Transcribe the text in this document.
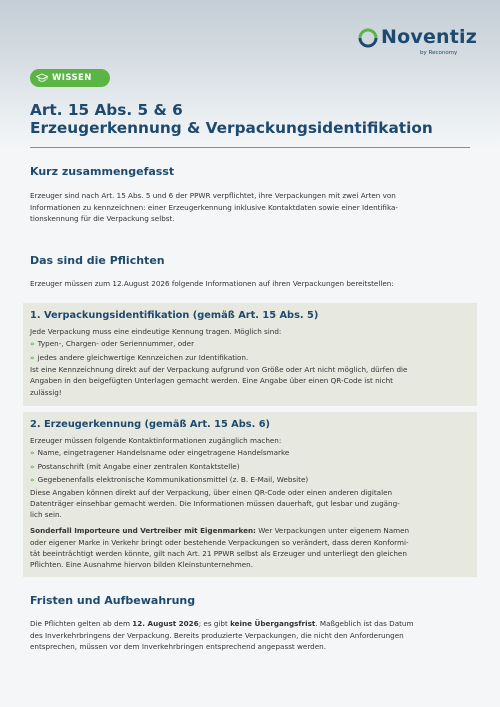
Noventiz
by Reconomy
WISSEN
Art. 15 Abs. 5 & 6
Erzeugerkennung & Verpackungsidentifikation
Kurz zusammengefasst

Erzeuger sind nach Art. 15 Abs. 5 und 6 der PPWR verpflichtet, ihre Verpackungen mit zwei Arten von
Informationen zu kennzeichnen: einer Erzeugerkennung inklusive Kontaktdaten sowie einer Identifika-
tionskennung für die Verpackung selbst.

Das sind die Pflichten

Erzeuger müssen zum 12.August 2026 folgende Informationen auf ihren Verpackungen bereitstellen:

1. Verpackungsidentifikation (gemäß Art. 15 Abs. 5)

Jede Verpackung muss eine eindeutige Kennung tragen. Möglich sind:

» Typen-, Chargen- oder Seriennummer, oder
» jedes andere gleichwertige Kennzeichen zur Identifikation.

Ist eine Kennzeichnung direkt auf der Verpackung aufgrund von Größe oder Art nicht möglich, dürfen die
Angaben in den beigefügten Unterlagen gemacht werden. Eine Angabe über einen QR-Code ist nicht
zulässig!

2. Erzeugerkennung (gemäß Art. 15 Abs. 6)

Erzeuger müssen folgende Kontaktinformationen zugänglich machen:

» Name, eingetragener Handelsname oder eingetragene Handelsmarke
» Postanschrift (mit Angabe einer zentralen Kontaktstelle)
» Gegebenenfalls elektronische Kommunikationsmittel (z. B. E-Mail, Website)

Diese Angaben können direkt auf der Verpackung, über einen QR-Code oder einen anderen digitalen
Datenträger einsehbar gemacht werden. Die Informationen müssen dauerhaft, gut lesbar und zugäng-
lich sein.

Sonderfall Importeure und Vertreiber mit Eigenmarken: Wer Verpackungen unter eigenem Namen
oder eigener Marke in Verkehr bringt oder bestehende Verpackungen so verändert, dass deren Konformi-
tät beeinträchtigt werden könnte, gilt nach Art. 21 PPWR selbst als Erzeuger und unterliegt den gleichen
Pflichten. Eine Ausnahme hiervon bilden Kleinstunternehmen.

Fristen und Aufbewahrung

Die Pflichten gelten ab dem 12. August 2026; es gibt keine Übergangsfrist. Maßgeblich ist das Datum
des Inverkehrbringens der Verpackung. Bereits produzierte Verpackungen, die nicht den Anforderungen
entsprechen, müssen vor dem Inverkehrbringen entsprechend angepasst werden.
